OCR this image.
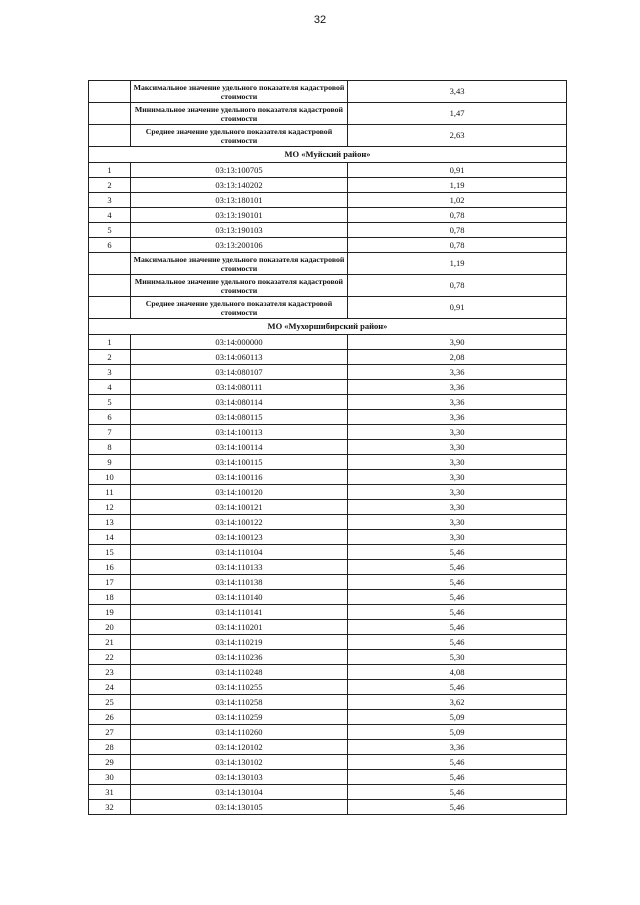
32
	Максимальное значение удельного показателя кадастровой стоимости	3,43
	Минимальное значение удельного показателя кадастровой стоимости	1,47
	Среднее значение удельного показателя кадастровой стоимости	2,63
МО «Муйский район»		
1	03:13:100705	0,91
2	03:13:140202	1,19
3	03:13:180101	1,02
4	03:13:190101	0,78
5	03:13:190103	0,78
6	03:13:200106	0,78
	Максимальное значение удельного показателя кадастровой стоимости	1,19
	Минимальное значение удельного показателя кадастровой стоимости	0,78
	Среднее значение удельного показателя кадастровой стоимости	0,91
МО «Мухоршибирский район»		
1	03:14:000000	3,90
2	03:14:060113	2,08
3	03:14:080107	3,36
4	03:14:080111	3,36
5	03:14:080114	3,36
6	03:14:080115	3,36
7	03:14:100113	3,30
8	03:14:100114	3,30
9	03:14:100115	3,30
10	03:14:100116	3,30
11	03:14:100120	3,30
12	03:14:100121	3,30
13	03:14:100122	3,30
14	03:14:100123	3,30
15	03:14:110104	5,46
16	03:14:110133	5,46
17	03:14:110138	5,46
18	03:14:110140	5,46
19	03:14:110141	5,46
20	03:14:110201	5,46
21	03:14:110219	5,46
22	03:14:110236	5,30
23	03:14:110248	4,08
24	03:14:110255	5,46
25	03:14:110258	3,62
26	03:14:110259	5,09
27	03:14:110260	5,09
28	03:14:120102	3,36
29	03:14:130102	5,46
30	03:14:130103	5,46
31	03:14:130104	5,46
32	03:14:130105	5,46
